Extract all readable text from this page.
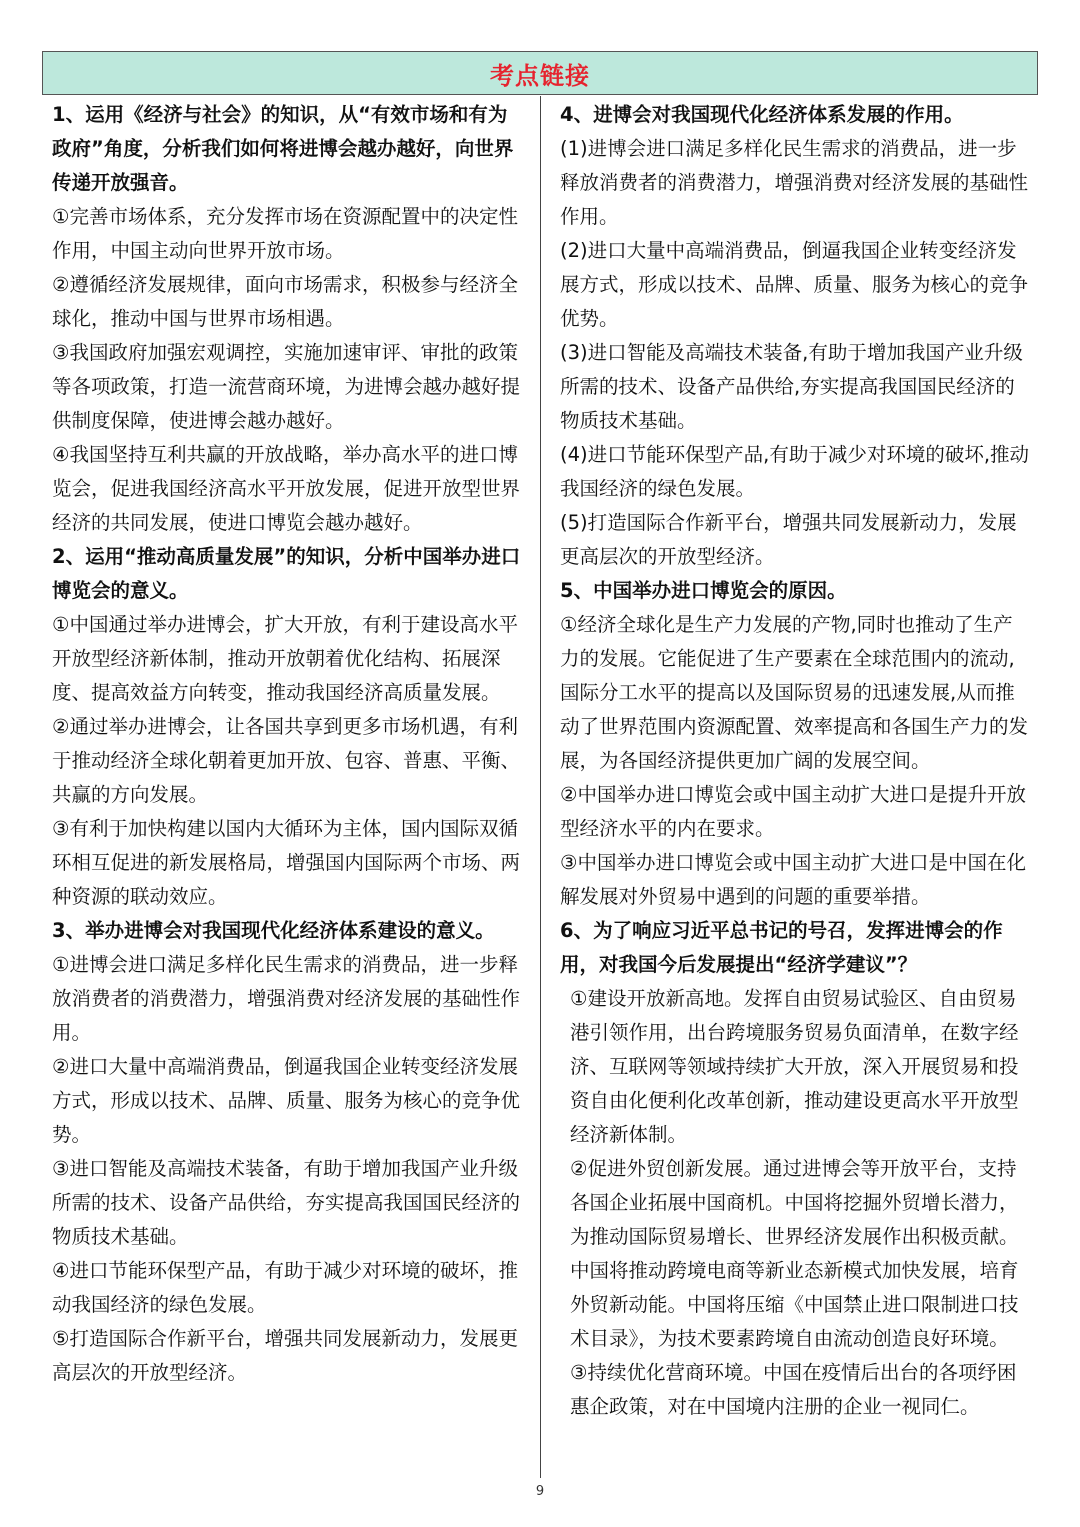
考点链接
1、运用《经济与社会》的知识，从“有效市场和有为政府”角度，分析我们如何将进博会越办越好，向世界传递开放强音。
①完善市场体系，充分发挥市场在资源配置中的决定性作用，中国主动向世界开放市场。
②遵循经济发展规律，面向市场需求，积极参与经济全球化，推动中国与世界市场相遇。
③我国政府加强宏观调控，实施加速审评、审批的政策等各项政策，打造一流营商环境，为进博会越办越好提供制度保障，使进博会越办越好。
④我国坚持互利共赢的开放战略，举办高水平的进口博览会，促进我国经济高水平开放发展，促进开放型世界经济的共同发展，使进口博览会越办越好。
2、运用“推动高质量发展”的知识，分析中国举办进口博览会的意义。
①中国通过举办进博会，扩大开放，有利于建设高水平开放型经济新体制，推动开放朝着优化结构、拓展深度、提高效益方向转变，推动我国经济高质量发展。
②通过举办进博会，让各国共享到更多市场机遇，有利于推动经济全球化朝着更加开放、包容、普惠、平衡、共赢的方向发展。
③有利于加快构建以国内大循环为主体，国内国际双循环相互促进的新发展格局，增强国内国际两个市场、两种资源的联动效应。
3、举办进博会对我国现代化经济体系建设的意义。
①进博会进口满足多样化民生需求的消费品，进一步释放消费者的消费潜力，增强消费对经济发展的基础性作用。
②进口大量中高端消费品，倒逼我国企业转变经济发展方式，形成以技术、品牌、质量、服务为核心的竞争优势。
③进口智能及高端技术装备，有助于增加我国产业升级所需的技术、设备产品供给，夯实提高我国国民经济的物质技术基础。
④进口节能环保型产品，有助于减少对环境的破坏，推动我国经济的绿色发展。
⑤打造国际合作新平台，增强共同发展新动力，发展更高层次的开放型经济。
4、进博会对我国现代化经济体系发展的作用。
(1)进博会进口满足多样化民生需求的消费品，进一步释放消费者的消费潜力，增强消费对经济发展的基础性作用。
(2)进口大量中高端消费品，倒逼我国企业转变经济发展方式，形成以技术、品牌、质量、服务为核心的竞争优势。
(3)进口智能及高端技术装备,有助于增加我国产业升级所需的技术、设备产品供给,夯实提高我国国民经济的物质技术基础。
(4)进口节能环保型产品,有助于减少对环境的破坏,推动我国经济的绿色发展。
(5)打造国际合作新平台，增强共同发展新动力，发展更高层次的开放型经济。
5、中国举办进口博览会的原因。
①经济全球化是生产力发展的产物,同时也推动了生产力的发展。它能促进了生产要素在全球范围内的流动,国际分工水平的提高以及国际贸易的迅速发展,从而推动了世界范围内资源配置、效率提高和各国生产力的发展，为各国经济提供更加广阔的发展空间。
②中国举办进口博览会或中国主动扩大进口是提升开放型经济水平的内在要求。
③中国举办进口博览会或中国主动扩大进口是中国在化解发展对外贸易中遇到的问题的重要举措。
6、为了响应习近平总书记的号召，发挥进博会的作用，对我国今后发展提出“经济学建议”？
①建设开放新高地。发挥自由贸易试验区、自由贸易港引领作用，出台跨境服务贸易负面清单，在数字经济、互联网等领域持续扩大开放，深入开展贸易和投资自由化便利化改革创新，推动建设更高水平开放型经济新体制。
②促进外贸创新发展。通过进博会等开放平台，支持各国企业拓展中国商机。中国将挖掘外贸增长潜力，为推动国际贸易增长、世界经济发展作出积极贡献。中国将推动跨境电商等新业态新模式加快发展，培育外贸新动能。中国将压缩《中国禁止进口限制进口技术目录》，为技术要素跨境自由流动创造良好环境。
③持续优化营商环境。中国在疫情后出台的各项纾困惠企政策，对在中国境内注册的企业一视同仁。
9
